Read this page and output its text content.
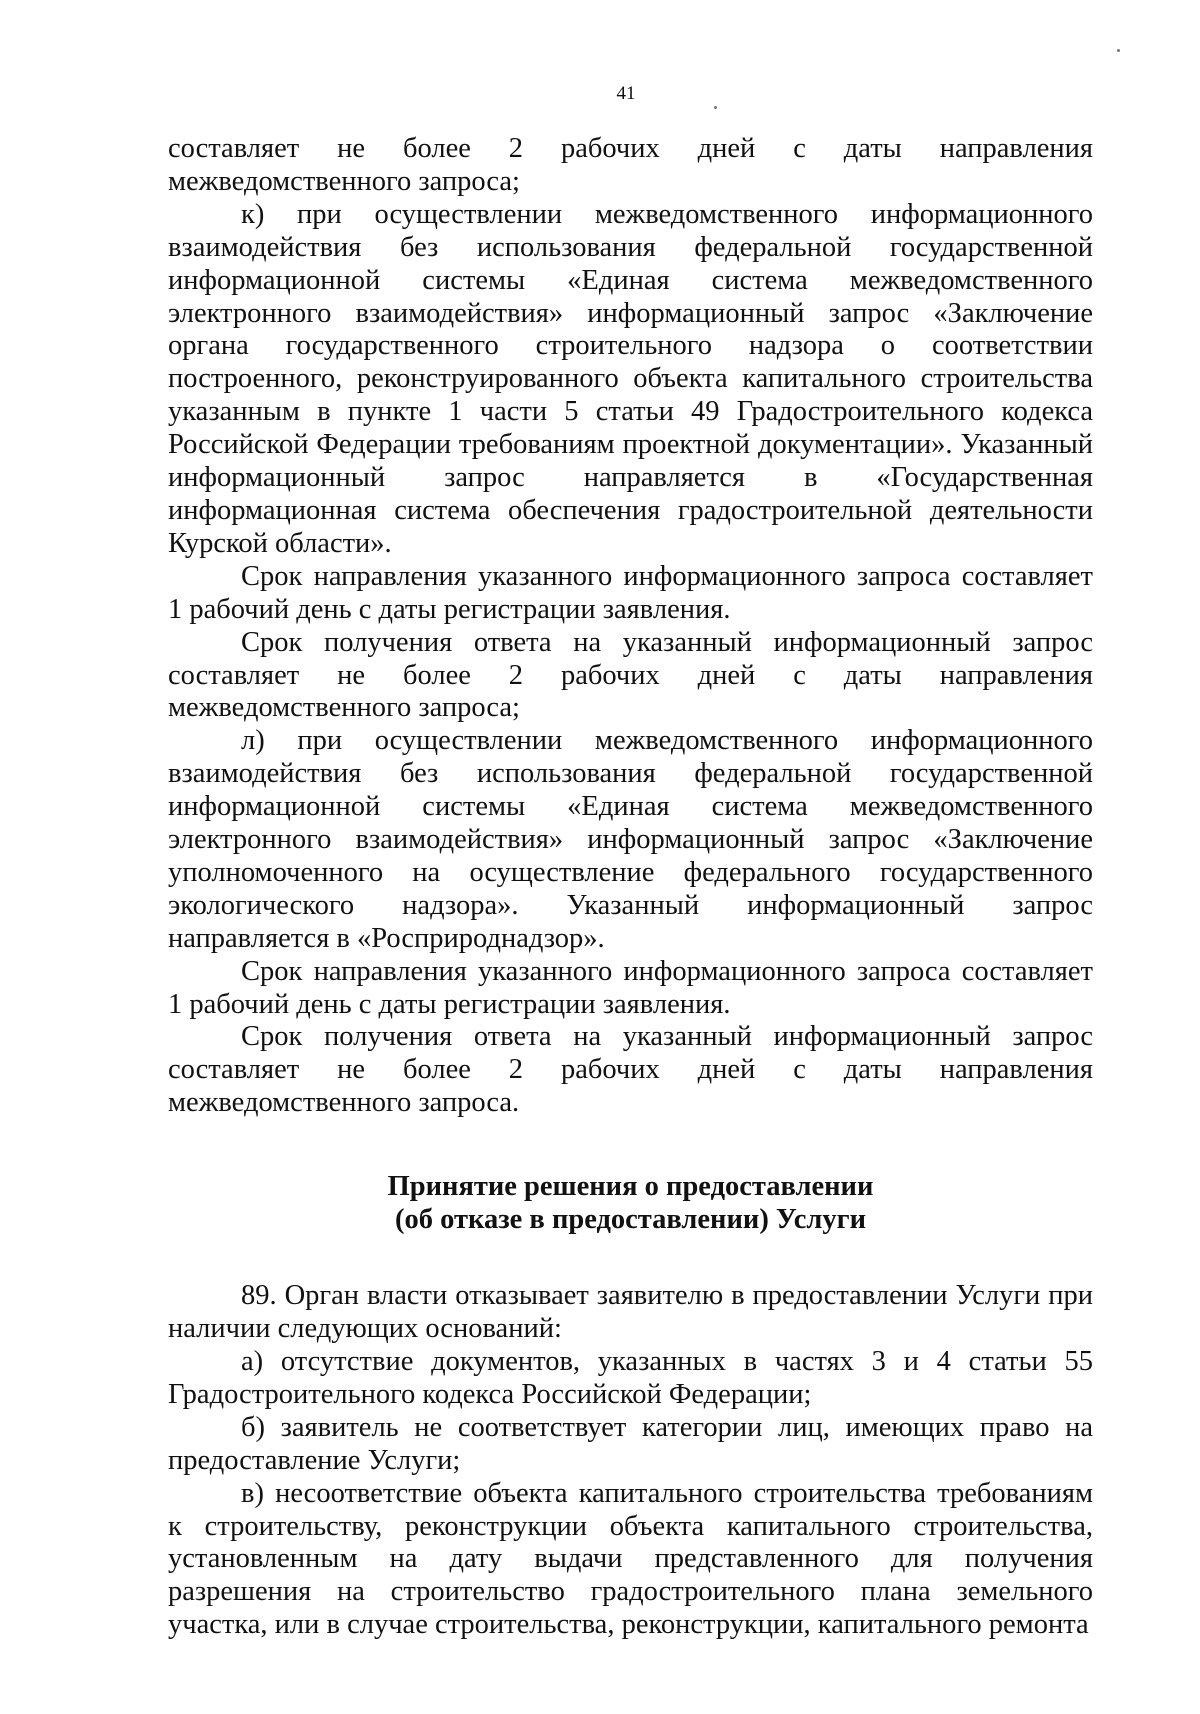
41

составляет не более 2 рабочих дней с даты направления межведомственного запроса;

к) при осуществлении межведомственного информационного взаимодействия без использования федеральной государственной информационной системы «Единая система межведомственного электронного взаимодействия» информационный запрос «Заключение органа государственного строительного надзора о соответствии построенного, реконструированного объекта капитального строительства указанным в пункте 1 части 5 статьи 49 Градостроительного кодекса Российской Федерации требованиям проектной документации». Указанный информационный запрос направляется в «Государственная информационная система обеспечения градостроительной деятельности Курской области».

Срок направления указанного информационного запроса составляет 1 рабочий день с даты регистрации заявления.

Срок получения ответа на указанный информационный запрос составляет не более 2 рабочих дней с даты направления межведомственного запроса;

л) при осуществлении межведомственного информационного взаимодействия без использования федеральной государственной информационной системы «Единая система межведомственного электронного взаимодействия» информационный запрос «Заключение уполномоченного на осуществление федерального государственного экологического надзора». Указанный информационный запрос направляется в «Росприроднадзор».

Срок направления указанного информационного запроса составляет 1 рабочий день с даты регистрации заявления.

Срок получения ответа на указанный информационный запрос составляет не более 2 рабочих дней с даты направления межведомственного запроса.

Принятие решения о предоставлении
(об отказе в предоставлении) Услуги

89. Орган власти отказывает заявителю в предоставлении Услуги при наличии следующих оснований:

а) отсутствие документов, указанных в частях 3 и 4 статьи 55 Градостроительного кодекса Российской Федерации;

б) заявитель не соответствует категории лиц, имеющих право на предоставление Услуги;

в) несоответствие объекта капитального строительства требованиям к строительству, реконструкции объекта капитального строительства, установленным на дату выдачи представленного для получения разрешения на строительство градостроительного плана земельного участка, или в случае строительства, реконструкции, капитального ремонта
